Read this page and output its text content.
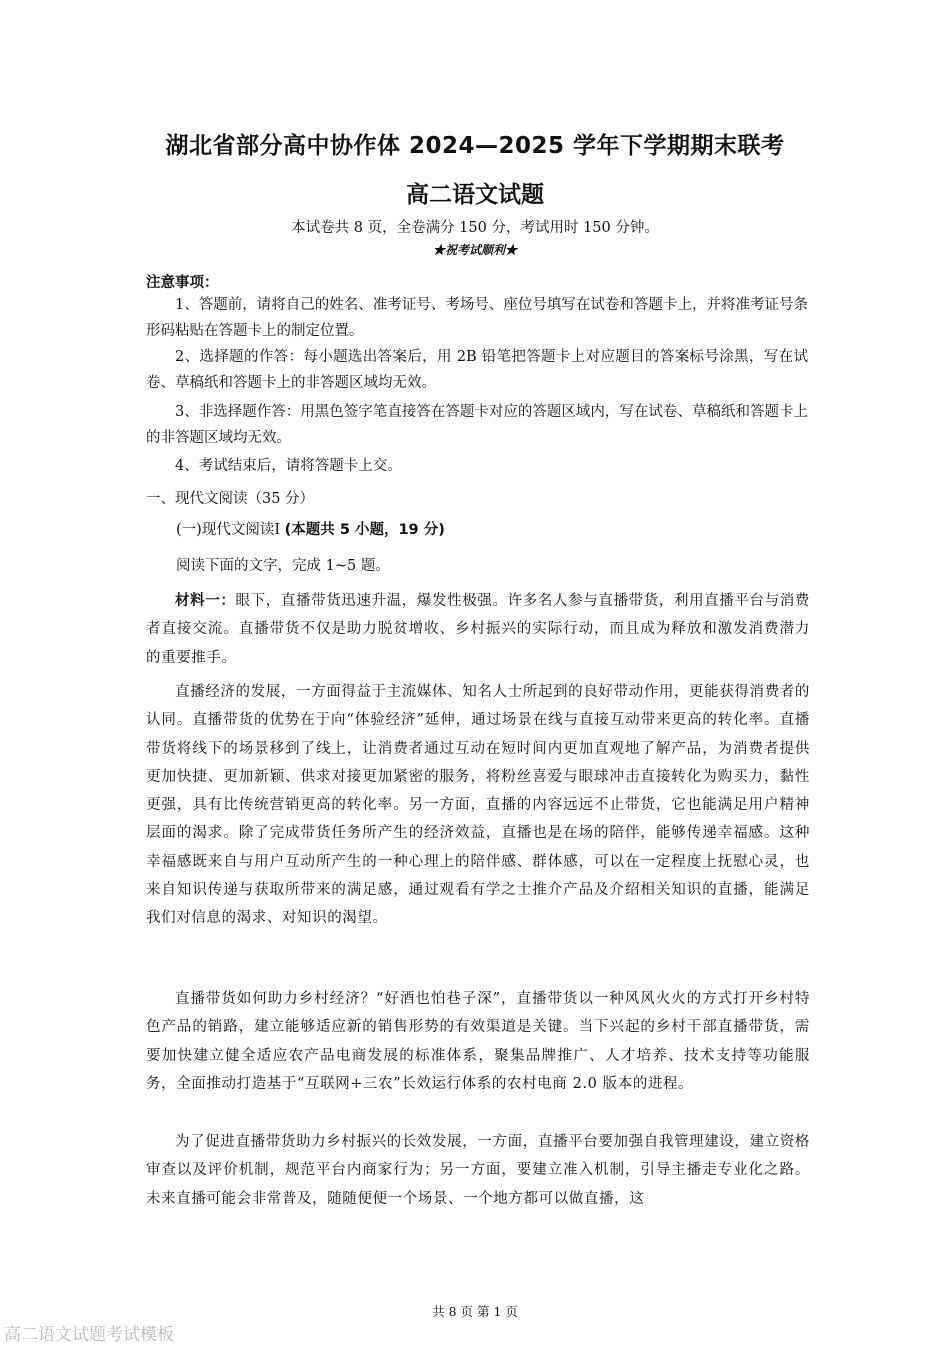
湖北省部分高中协作体 2024—2025 学年下学期期末联考
高二语文试题
本试卷共 8 页，全卷满分 150 分，考试用时 150 分钟。
★祝考试顺利★
注意事项：
1、答题前，请将自己的姓名、准考证号、考场号、座位号填写在试卷和答题卡上，并将准考证号条形码粘贴在答题卡上的制定位置。
2、选择题的作答：每小题选出答案后，用 2B 铅笔把答题卡上对应题目的答案标号涂黑，写在试卷、草稿纸和答题卡上的非答题区域均无效。
3、非选择题作答：用黑色签字笔直接答在答题卡对应的答题区域内，写在试卷、草稿纸和答题卡上的非答题区域均无效。
4、考试结束后，请将答题卡上交。
一、现代文阅读（35 分）
(一)现代文阅读Ⅰ (本题共 5 小题，19 分)
阅读下面的文字，完成 1~5 题。
材料一：眼下，直播带货迅速升温，爆发性极强。许多名人参与直播带货，利用直播平台与消费者直接交流。直播带货不仅是助力脱贫增收、乡村振兴的实际行动，而且成为释放和激发消费潜力的重要推手。
直播经济的发展，一方面得益于主流媒体、知名人士所起到的良好带动作用，更能获得消费者的认同。直播带货的优势在于向“体验经济”延伸，通过场景在线与直接互动带来更高的转化率。直播带货将线下的场景移到了线上，让消费者通过互动在短时间内更加直观地了解产品，为消费者提供更加快捷、更加新颖、供求对接更加紧密的服务，将粉丝喜爱与眼球冲击直接转化为购买力，黏性更强，具有比传统营销更高的转化率。另一方面，直播的内容远远不止带货，它也能满足用户精神层面的渴求。除了完成带货任务所产生的经济效益，直播也是在场的陪伴，能够传递幸福感。这种幸福感既来自与用户互动所产生的一种心理上的陪伴感、群体感，可以在一定程度上抚慰心灵，也来自知识传递与获取所带来的满足感，通过观看有学之士推介产品及介绍相关知识的直播，能满足我们对信息的渴求、对知识的渴望。
直播带货如何助力乡村经济？“好酒也怕巷子深”，直播带货以一种风风火火的方式打开乡村特色产品的销路，建立能够适应新的销售形势的有效渠道是关键。当下兴起的乡村干部直播带货，需要加快建立健全适应农产品电商发展的标准体系，聚集品牌推广、人才培养、技术支持等功能服务，全面推动打造基于“互联网+三农”长效运行体系的农村电商 2.0 版本的进程。
为了促进直播带货助力乡村振兴的长效发展，一方面，直播平台要加强自我管理建设，建立资格审查以及评价机制，规范平台内商家行为；另一方面，要建立准入机制，引导主播走专业化之路。未来直播可能会非常普及，随随便便一个场景、一个地方都可以做直播，这
共 8 页 第 1 页
高二语文试题考试模板
